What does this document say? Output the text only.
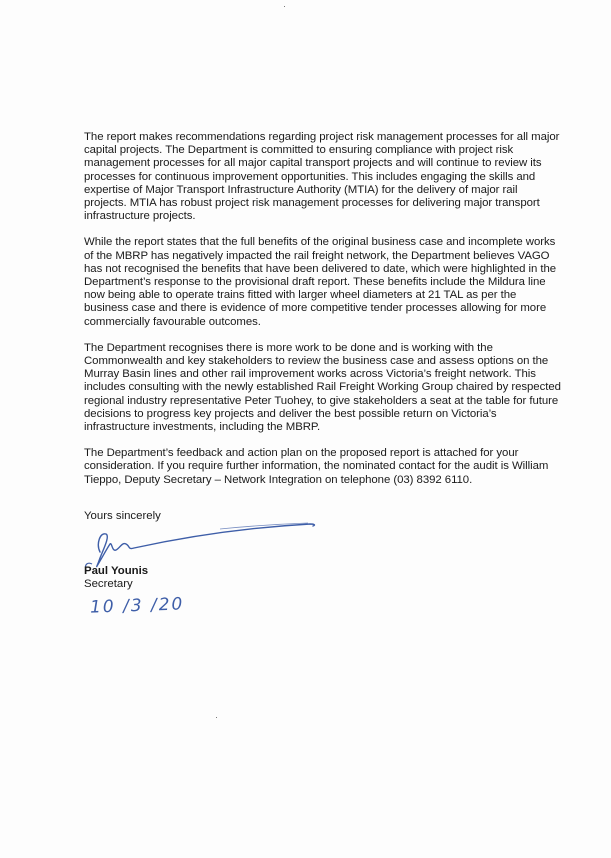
The report makes recommendations regarding project risk management processes for all major capital projects. The Department is committed to ensuring compliance with project risk management processes for all major capital transport projects and will continue to review its processes for continuous improvement opportunities. This includes engaging the skills and expertise of Major Transport Infrastructure Authority (MTIA) for the delivery of major rail projects. MTIA has robust project risk management processes for delivering major transport infrastructure projects.

While the report states that the full benefits of the original business case and incomplete works of the MBRP has negatively impacted the rail freight network, the Department believes VAGO has not recognised the benefits that have been delivered to date, which were highlighted in the Department’s response to the provisional draft report. These benefits include the Mildura line now being able to operate trains fitted with larger wheel diameters at 21 TAL as per the business case and there is evidence of more competitive tender processes allowing for more commercially favourable outcomes.

The Department recognises there is more work to be done and is working with the Commonwealth and key stakeholders to review the business case and assess options on the Murray Basin lines and other rail improvement works across Victoria’s freight network. This includes consulting with the newly established Rail Freight Working Group chaired by respected regional industry representative Peter Tuohey, to give stakeholders a seat at the table for future decisions to progress key projects and deliver the best possible return on Victoria’s infrastructure investments, including the MBRP.

The Department’s feedback and action plan on the proposed report is attached for your consideration. If you require further information, the nominated contact for the audit is William Tieppo, Deputy Secretary – Network Integration on telephone (03) 8392 6110.

Yours sincerely
Paul Younis
Secretary
10 /3 /20
